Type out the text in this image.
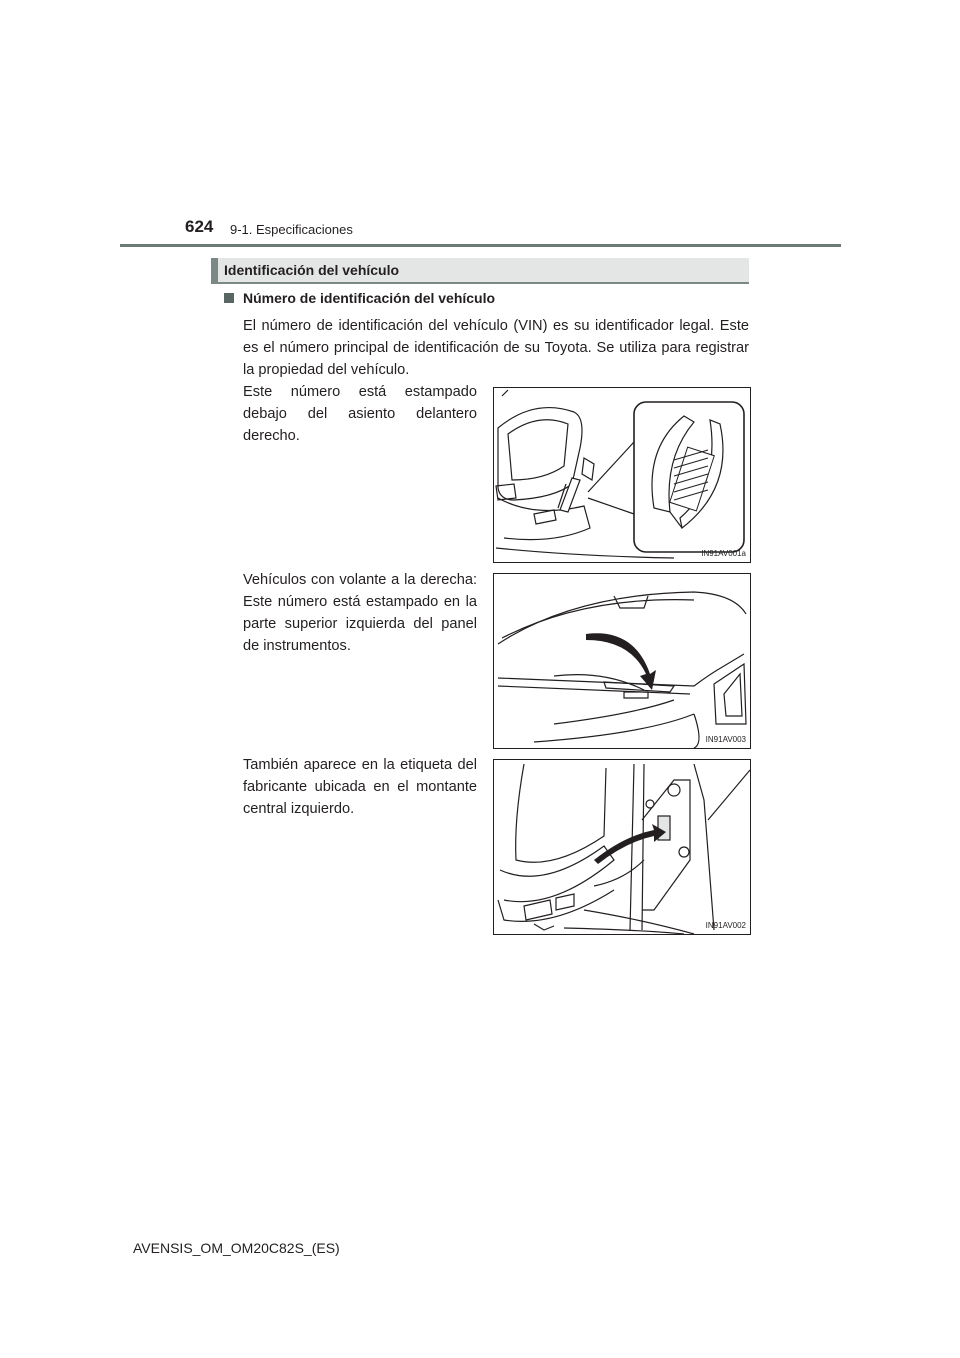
624 9-1. Especificaciones
Identificación del vehículo
Número de identificación del vehículo

El número de identificación del vehículo (VIN) es su identificador legal. Este es el número principal de identificación de su Toyota. Se utiliza para registrar la propiedad del vehículo.

Este número está estampado debajo del asiento delantero derecho.

Vehículos con volante a la derecha: Este número está estampado en la parte superior izquierda del panel de instrumentos.

También aparece en la etiqueta del fabricante ubicada en el montante central izquierdo.

IN91AV001a
IN91AV003
IN91AV002
AVENSIS_OM_OM20C82S_(ES)
